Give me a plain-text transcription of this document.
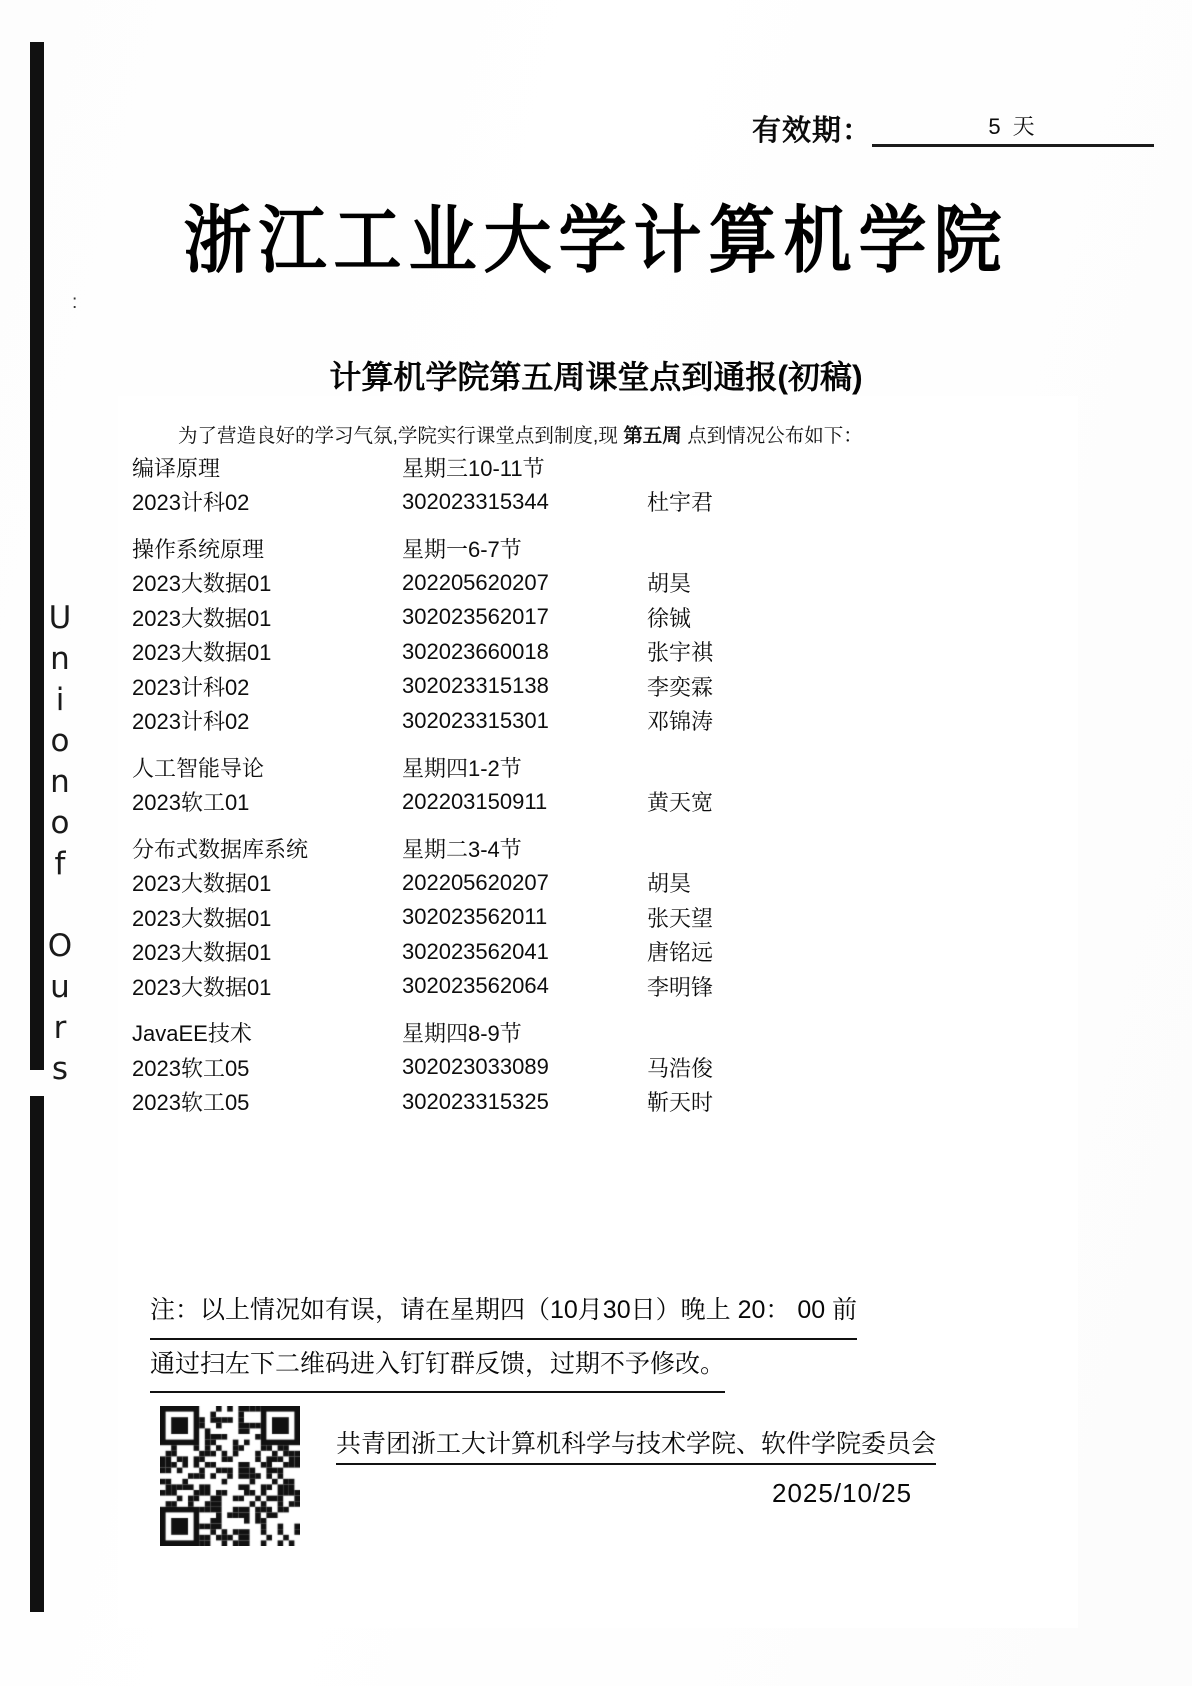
Unionof Ours
:
有效期：	5 天
浙江工业大学计算机学院
计算机学院第五周课堂点到通报(初稿)
为了营造良好的学习气氛,学院实行课堂点到制度,现 第五周 点到情况公布如下：
编译原理	星期三10-11节
2023计科02	302023315344	杜宇君
操作系统原理	星期一6-7节
2023大数据01	202205620207	胡昊
2023大数据01	302023562017	徐铖
2023大数据01	302023660018	张宇祺
2023计科02	302023315138	李奕霖
2023计科02	302023315301	邓锦涛
人工智能导论	星期四1-2节
2023软工01	202203150911	黄天宽
分布式数据库系统	星期二3-4节
2023大数据01	202205620207	胡昊
2023大数据01	302023562011	张天望
2023大数据01	302023562041	唐铭远
2023大数据01	302023562064	李明锋
JavaEE技术	星期四8-9节
2023软工05	302023033089	马浩俊
2023软工05	302023315325	靳天时
注：以上情况如有误，请在星期四（10月30日）晚上 20： 00 前
通过扫左下二维码进入钉钉群反馈，过期不予修改。
共青团浙工大计算机科学与技术学院、软件学院委员会
2025/10/25
